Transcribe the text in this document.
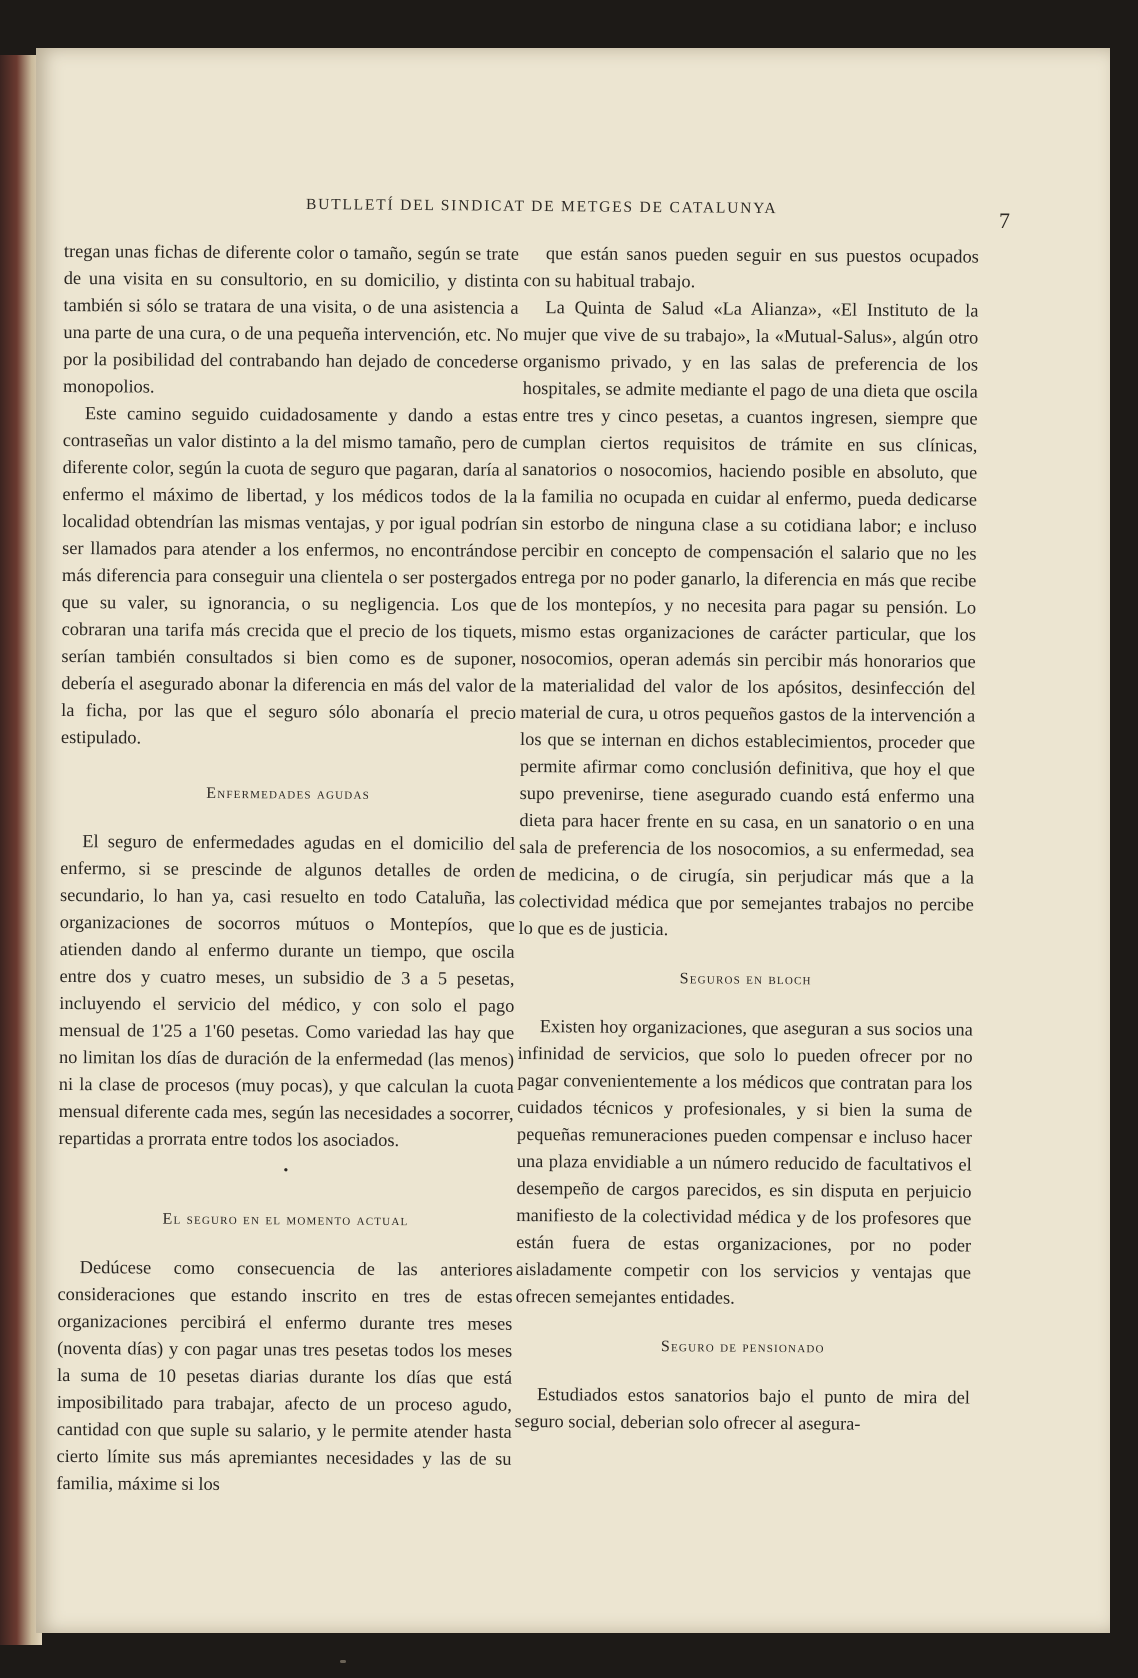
BUTLLETÍ DEL SINDICAT DE METGES DE CATALUNYA
7

tregan unas fichas de diferente color o tamaño, según se trate de una visita en su consultorio, en su domicilio, y distinta también si sólo se tratara de una visita, o de una asistencia a una parte de una cura, o de una pequeña intervención, etc. No por la posibilidad del contrabando han dejado de concederse monopolios.

Este camino seguido cuidadosamente y dando a estas contraseñas un valor distinto a la del mismo tamaño, pero de diferente color, según la cuota de seguro que pagaran, daría al enfermo el máximo de libertad, y los médicos todos de la localidad obtendrían las mismas ventajas, y por igual podrían ser llamados para atender a los enfermos, no encontrándose más diferencia para conseguir una clientela o ser postergados que su valer, su ignorancia, o su negligencia. Los que cobraran una tarifa más crecida que el precio de los tiquets, serían también consultados si bien como es de suponer, debería el asegurado abonar la diferencia en más del valor de la ficha, por las que el seguro sólo abonaría el precio estipulado.

Enfermedades agudas

El seguro de enfermedades agudas en el domicilio del enfermo, si se prescinde de algunos detalles de orden secundario, lo han ya, casi resuelto en todo Cataluña, las organizaciones de socorros mútuos o Montepíos, que atienden dando al enfermo durante un tiempo, que oscila entre dos y cuatro meses, un subsidio de 3 a 5 pesetas, incluyendo el servicio del médico, y con solo el pago mensual de 1'25 a 1'60 pesetas. Como variedad las hay que no limitan los días de duración de la enfermedad (las menos) ni la clase de procesos (muy pocas), y que calculan la cuota mensual diferente cada mes, según las necesidades a socorrer, repartidas a prorrata entre todos los asociados.

•
El seguro en el momento actual

Dedúcese como consecuencia de las anteriores consideraciones que estando inscrito en tres de estas organizaciones percibirá el enfermo durante tres meses (noventa días) y con pagar unas tres pesetas todos los meses la suma de 10 pesetas diarias durante los días que está imposibilitado para trabajar, afecto de un proceso agudo, cantidad con que suple su salario, y le permite atender hasta cierto límite sus más apremiantes necesidades y las de su familia, máxime si los

que están sanos pueden seguir en sus puestos ocupados con su habitual trabajo.

La Quinta de Salud «La Alianza», «El Instituto de la mujer que vive de su trabajo», la «Mutual-Salus», algún otro organismo privado, y en las salas de preferencia de los hospitales, se admite mediante el pago de una dieta que oscila entre tres y cinco pesetas, a cuantos ingresen, siempre que cumplan ciertos requisitos de trámite en sus clínicas, sanatorios o nosocomios, haciendo posible en absoluto, que la familia no ocupada en cuidar al enfermo, pueda dedicarse sin estorbo de ninguna clase a su cotidiana labor; e incluso percibir en concepto de compensación el salario que no les entrega por no poder ganarlo, la diferencia en más que recibe de los montepíos, y no necesita para pagar su pensión. Lo mismo estas organizaciones de carácter particular, que los nosocomios, operan además sin percibir más honorarios que la materialidad del valor de los apósitos, desinfección del material de cura, u otros pequeños gastos de la intervención a los que se internan en dichos establecimientos, proceder que permite afirmar como conclusión definitiva, que hoy el que supo prevenirse, tiene asegurado cuando está enfermo una dieta para hacer frente en su casa, en un sanatorio o en una sala de preferencia de los nosocomios, a su enfermedad, sea de medicina, o de cirugía, sin perjudicar más que a la colectividad médica que por semejantes trabajos no percibe lo que es de justicia.

Seguros en bloch

Existen hoy organizaciones, que aseguran a sus socios una infinidad de servicios, que solo lo pueden ofrecer por no pagar convenientemente a los médicos que contratan para los cuidados técnicos y profesionales, y si bien la suma de pequeñas remuneraciones pueden compensar e incluso hacer una plaza envidiable a un número reducido de facultativos el desempeño de cargos parecidos, es sin disputa en perjuicio manifiesto de la colectividad médica y de los profesores que están fuera de estas organizaciones, por no poder aisladamente competir con los servicios y ventajas que ofrecen semejantes entidades.

Seguro de pensionado

Estudiados estos sanatorios bajo el punto de mira del seguro social, deberian solo ofrecer al asegura-
